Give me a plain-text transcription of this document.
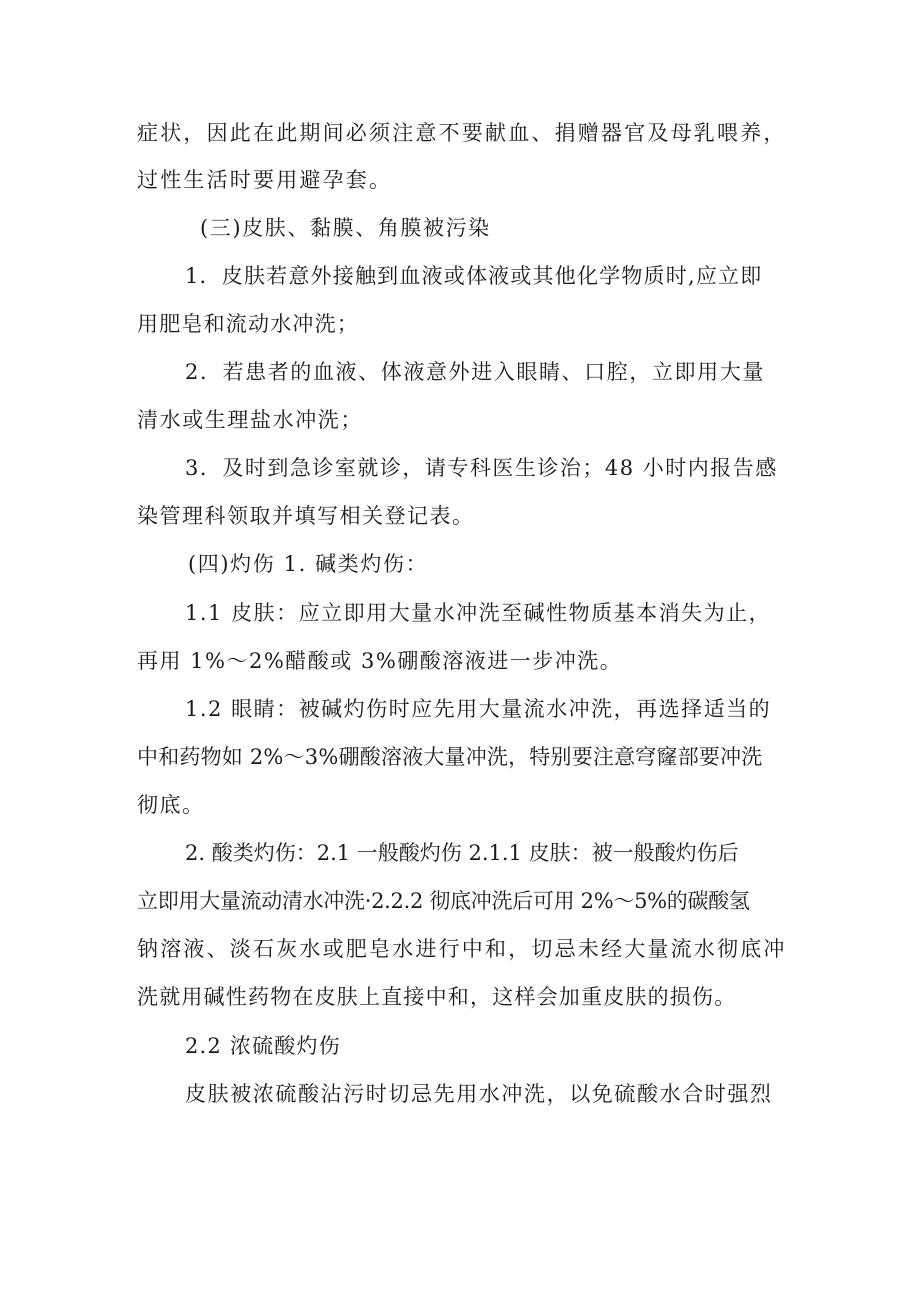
症状，因此在此期间必须注意不要献血、捐赠器官及母乳喂养，
过性生活时要用避孕套。
(三)皮肤、黏膜、角膜被污染
1．皮肤若意外接触到血液或体液或其他化学物质时,应立即
用肥皂和流动水冲洗；
2．若患者的血液、体液意外进入眼睛、口腔，立即用大量
清水或生理盐水冲洗；
3．及时到急诊室就诊，请专科医生诊治；48 小时内报告感
染管理科领取并填写相关登记表。
(四)灼伤 1. 碱类灼伤：
1.1 皮肤：应立即用大量水冲洗至碱性物质基本消失为止，
再用 1%～2%醋酸或 3%硼酸溶液进一步冲洗。
1.2 眼睛：被碱灼伤时应先用大量流水冲洗，再选择适当的
中和药物如 2%～3%硼酸溶液大量冲洗，特别要注意穹窿部要冲洗
彻底。
2. 酸类灼伤：2.1 一般酸灼伤 2.1.1 皮肤：被一般酸灼伤后
立即用大量流动清水冲洗·2.2.2 彻底冲洗后可用 2%～5%的碳酸氢
钠溶液、淡石灰水或肥皂水进行中和，切忌未经大量流水彻底冲
洗就用碱性药物在皮肤上直接中和，这样会加重皮肤的损伤。
2.2 浓硫酸灼伤
皮肤被浓硫酸沾污时切忌先用水冲洗，以免硫酸水合时强烈
